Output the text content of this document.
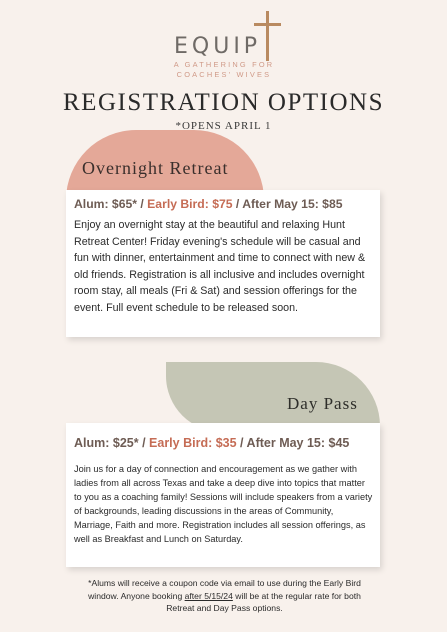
EQUIP
A GATHERING FOR
COACHES' WIVES
REGISTRATION OPTIONS
*OPENS APRIL 1
Overnight Retreat
Alum: $65* / Early Bird: $75 / After May 15: $85
Enjoy an overnight stay at the beautiful and relaxing Hunt Retreat Center! Friday evening's schedule will be casual and fun with dinner, entertainment and time to connect with new & old friends. Registration is all inclusive and includes overnight room stay, all meals (Fri & Sat) and session offerings for the event. Full event schedule to be released soon.
Day Pass
Alum: $25* / Early Bird: $35 / After May 15: $45
Join us for a day of connection and encouragement as we gather with ladies from all across Texas and take a deep dive into topics that matter to you as a coaching family! Sessions will include speakers from a variety of backgrounds, leading discussions in the areas of Community, Marriage, Faith and more. Registration includes all session offerings, as well as Breakfast and Lunch on Saturday.
*Alums will receive a coupon code via email to use during the Early Bird window. Anyone booking after 5/15/24 will be at the regular rate for both Retreat and Day Pass options.
